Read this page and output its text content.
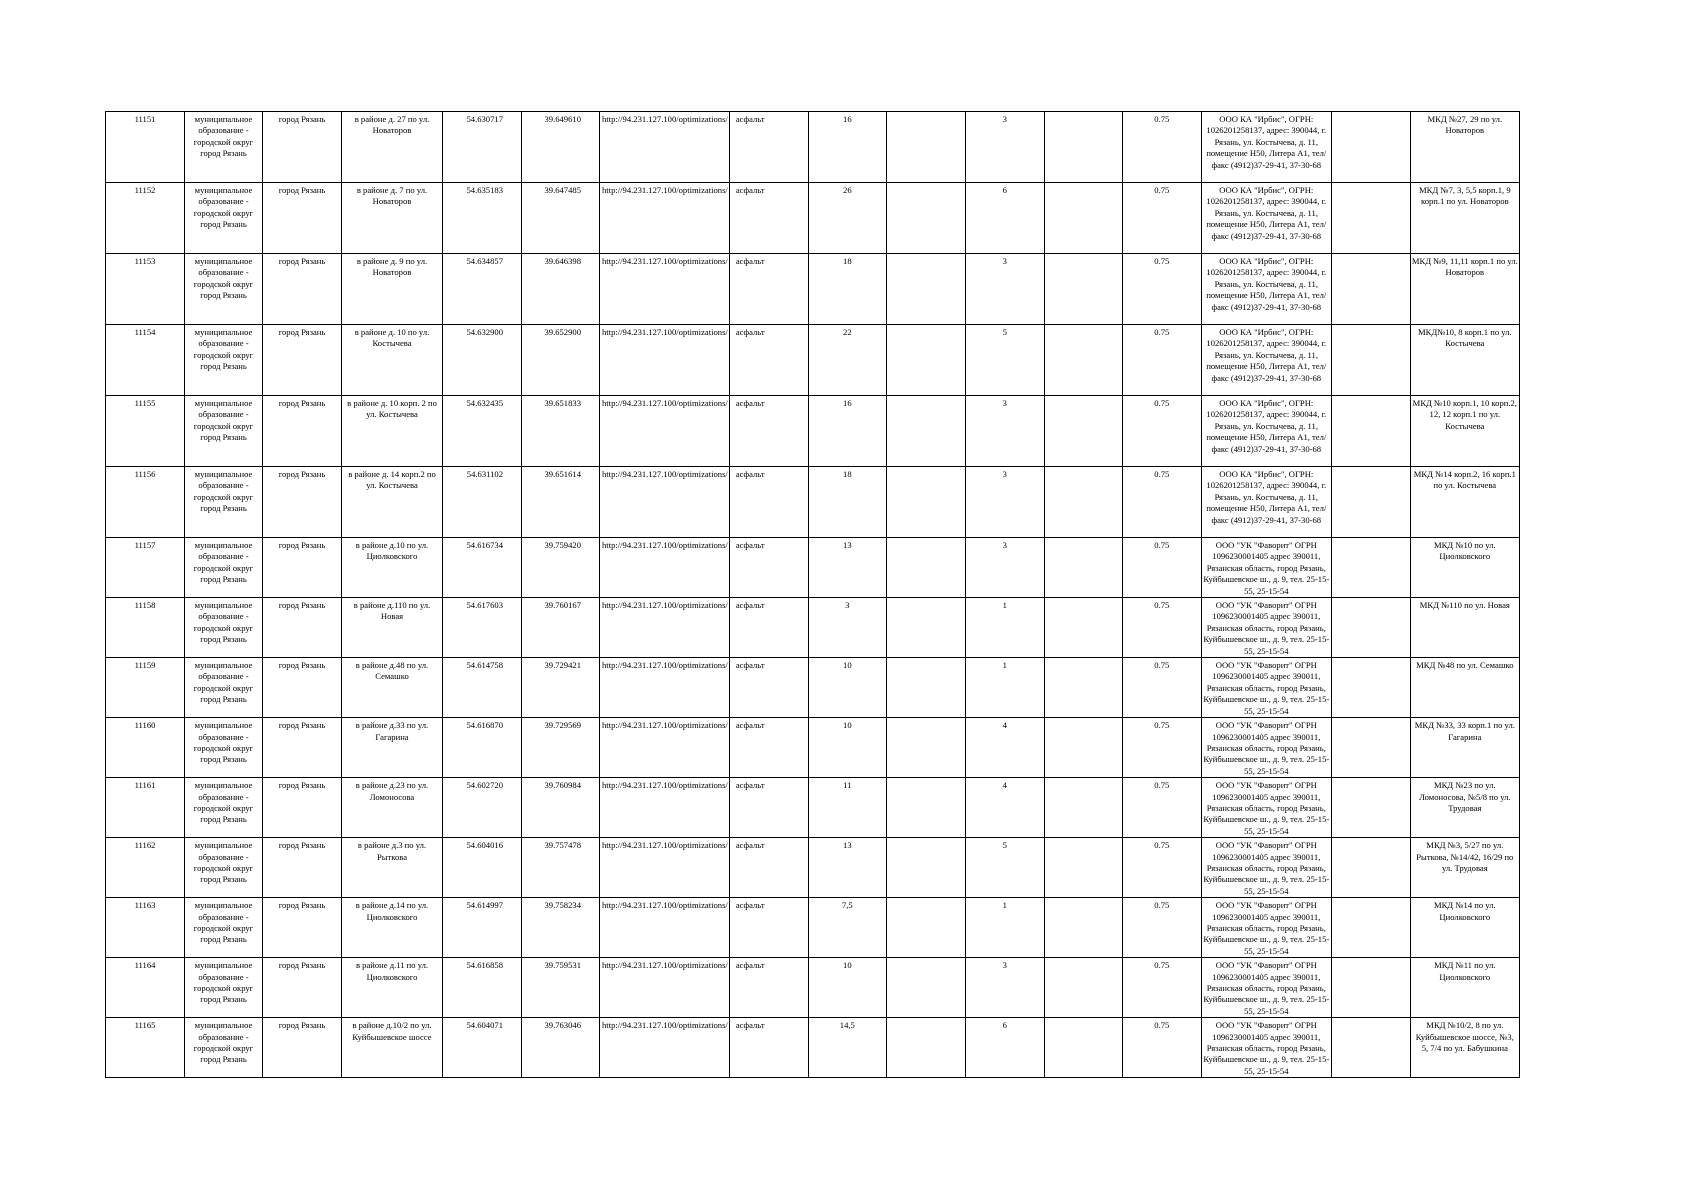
11151	муниципальное образование - городской округ город Рязань	город Рязань	в районе д. 27 по ул. Новаторов	54.630717	39.649610	http://94.231.127.100/optimizations/	асфальт	16		3		0.75	ООО КА "Ирбис", ОГРН: 1026201258137, адрес: 390044, г. Рязань, ул. Костычева, д. 11, помещение Н50, Литера А1, тел/факс (4912)37-29-41, 37-30-68		МКД №27, 29 по ул. Новаторов
11152	муниципальное образование - городской округ город Рязань	город Рязань	в районе д. 7 по ул. Новаторов	54.635183	39.647485	http://94.231.127.100/optimizations/	асфальт	26		6		0.75	ООО КА "Ирбис", ОГРН: 1026201258137, адрес: 390044, г. Рязань, ул. Костычева, д. 11, помещение Н50, Литера А1, тел/факс (4912)37-29-41, 37-30-68		МКД №7, 3, 5,5 корп.1, 9 корп.1 по ул. Новаторов
11153	муниципальное образование - городской округ город Рязань	город Рязань	в районе д. 9 по ул. Новаторов	54.634857	39.646398	http://94.231.127.100/optimizations/	асфальт	18		3		0.75	ООО КА "Ирбис", ОГРН: 1026201258137, адрес: 390044, г. Рязань, ул. Костычева, д. 11, помещение Н50, Литера А1, тел/факс (4912)37-29-41, 37-30-68		МКД №9, 11,11 корп.1 по ул. Новаторов
11154	муниципальное образование - городской округ город Рязань	город Рязань	в районе д. 10 по ул. Костычева	54.632900	39.652900	http://94.231.127.100/optimizations/	асфальт	22		5		0.75	ООО КА "Ирбис", ОГРН: 1026201258137, адрес: 390044, г. Рязань, ул. Костычева, д. 11, помещение Н50, Литера А1, тел/факс (4912)37-29-41, 37-30-68		МКД№10, 8 корп.1 по ул. Костычева
11155	муниципальное образование - городской округ город Рязань	город Рязань	в районе д. 10 корп. 2 по ул. Костычева	54.632435	39.651833	http://94.231.127.100/optimizations/	асфальт	16		3		0.75	ООО КА "Ирбис", ОГРН: 1026201258137, адрес: 390044, г. Рязань, ул. Костычева, д. 11, помещение Н50, Литера А1, тел/факс (4912)37-29-41, 37-30-68		МКД №10 корп.1, 10 корп.2, 12, 12 корп.1 по ул. Костычева
11156	муниципальное образование - городской округ город Рязань	город Рязань	в районе д. 14 корп.2 по ул. Костычева	54.631102	39.651614	http://94.231.127.100/optimizations/	асфальт	18		3		0.75	ООО КА "Ирбис", ОГРН: 1026201258137, адрес: 390044, г. Рязань, ул. Костычева, д. 11, помещение Н50, Литера А1, тел/факс (4912)37-29-41, 37-30-68		МКД №14 корп.2, 16 корп.1 по ул. Костычева
11157	муниципальное образование - городской округ город Рязань	город Рязань	в районе д.10 по ул. Циолковского	54.616734	39.759420	http://94.231.127.100/optimizations/	асфальт	13		3		0.75	ООО "УК "Фаворит" ОГРН 1096230001405 адрес 390011, Рязанская область, город Рязань, Куйбышевское ш., д. 9, тел. 25-15-55, 25-15-54		МКД №10 по ул. Циолковского
11158	муниципальное образование - городской округ город Рязань	город Рязань	в районе д.110 по ул. Новая	54.617603	39.760167	http://94.231.127.100/optimizations/	асфальт	3		1		0.75	ООО "УК "Фаворит" ОГРН 1096230001405 адрес 390011, Рязанская область, город Рязань, Куйбышевское ш., д. 9, тел. 25-15-55, 25-15-54		МКД №110 по ул. Новая
11159	муниципальное образование - городской округ город Рязань	город Рязань	в районе д.48 по ул. Семашко	54.614758	39.729421	http://94.231.127.100/optimizations/	асфальт	10		1		0.75	ООО "УК "Фаворит" ОГРН 1096230001405 адрес 390011, Рязанская область, город Рязань, Куйбышевское ш., д. 9, тел. 25-15-55, 25-15-54		МКД №48 по ул. Семашко
11160	муниципальное образование - городской округ город Рязань	город Рязань	в районе д.33 по ул. Гагарина	54.616870	39.729569	http://94.231.127.100/optimizations/	асфальт	10		4		0.75	ООО "УК "Фаворит" ОГРН 1096230001405 адрес 390011, Рязанская область, город Рязань, Куйбышевское ш., д. 9, тел. 25-15-55, 25-15-54		МКД №33, 33 корп.1 по ул. Гагарина
11161	муниципальное образование - городской округ город Рязань	город Рязань	в районе д.23 по ул. Ломоносова	54.602720	39.760984	http://94.231.127.100/optimizations/	асфальт	11		4		0.75	ООО "УК "Фаворит" ОГРН 1096230001405 адрес 390011, Рязанская область, город Рязань, Куйбышевское ш., д. 9, тел. 25-15-55, 25-15-54		МКД №23 по ул. Ломоносова, №5/8 по ул. Трудовая
11162	муниципальное образование - городской округ город Рязань	город Рязань	в районе д.3 по ул. Рыткова	54.604016	39.757478	http://94.231.127.100/optimizations/	асфальт	13		5		0.75	ООО "УК "Фаворит" ОГРН 1096230001405 адрес 390011, Рязанская область, город Рязань, Куйбышевское ш., д. 9, тел. 25-15-55, 25-15-54		МКД №3, 5/27 по ул. Рыткова, №14/42, 16/29 по ул. Трудовая
11163	муниципальное образование - городской округ город Рязань	город Рязань	в районе д.14 по ул. Циолковского	54.614997	39.758234	http://94.231.127.100/optimizations/	асфальт	7,5		1		0.75	ООО "УК "Фаворит" ОГРН 1096230001405 адрес 390011, Рязанская область, город Рязань, Куйбышевское ш., д. 9, тел. 25-15-55, 25-15-54		МКД №14 по ул. Циолковского
11164	муниципальное образование - городской округ город Рязань	город Рязань	в районе д.11 по ул. Циолковского	54.616858	39.759531	http://94.231.127.100/optimizations/	асфальт	10		3		0.75	ООО "УК "Фаворит" ОГРН 1096230001405 адрес 390011, Рязанская область, город Рязань, Куйбышевское ш., д. 9, тел. 25-15-55, 25-15-54		МКД №11 по ул. Циолковского
11165	муниципальное образование - городской округ город Рязань	город Рязань	в районе д.10/2 по ул. Куйбышевское шоссе	54.604071	39.763046	http://94.231.127.100/optimizations/	асфальт	14,5		6		0.75	ООО "УК "Фаворит" ОГРН 1096230001405 адрес 390011, Рязанская область, город Рязань, Куйбышевское ш., д. 9, тел. 25-15-55, 25-15-54		МКД №10/2, 8 по ул. Куйбышевское шоссе, №3, 5, 7/4 по ул. Бабушкина
